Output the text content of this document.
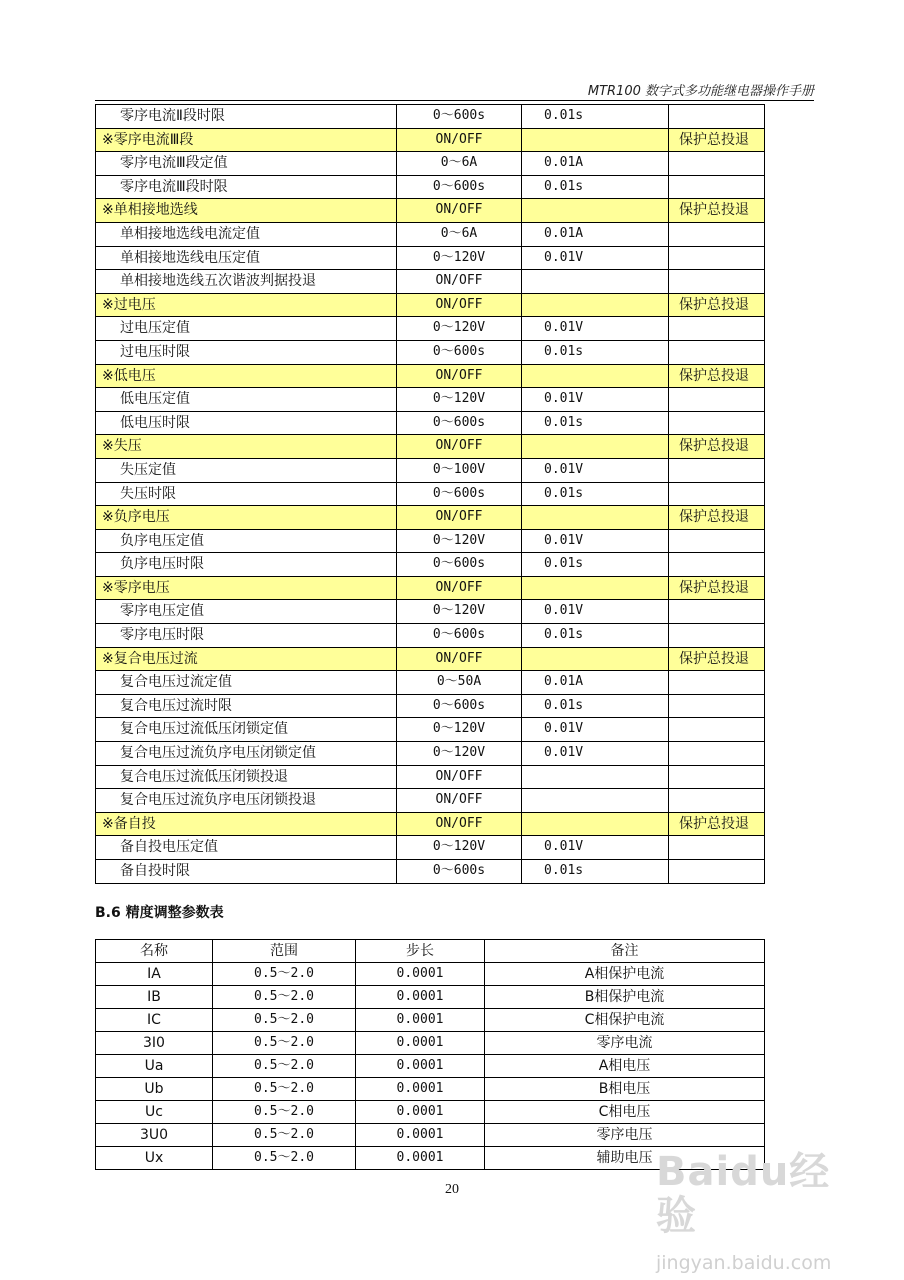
MTR100 数字式多功能继电器操作手册
零序电流Ⅱ段时限	0～600s	0.01s	
※零序电流Ⅲ段	ON/OFF		保护总投退
零序电流Ⅲ段定值	0～6A	0.01A	
零序电流Ⅲ段时限	0～600s	0.01s	
※单相接地选线	ON/OFF		保护总投退
单相接地选线电流定值	0～6A	0.01A	
单相接地选线电压定值	0～120V	0.01V	
单相接地选线五次谐波判据投退	ON/OFF		
※过电压	ON/OFF		保护总投退
过电压定值	0～120V	0.01V	
过电压时限	0～600s	0.01s	
※低电压	ON/OFF		保护总投退
低电压定值	0～120V	0.01V	
低电压时限	0～600s	0.01s	
※失压	ON/OFF		保护总投退
失压定值	0～100V	0.01V	
失压时限	0～600s	0.01s	
※负序电压	ON/OFF		保护总投退
负序电压定值	0～120V	0.01V	
负序电压时限	0～600s	0.01s	
※零序电压	ON/OFF		保护总投退
零序电压定值	0～120V	0.01V	
零序电压时限	0～600s	0.01s	
※复合电压过流	ON/OFF		保护总投退
复合电压过流定值	0～50A	0.01A	
复合电压过流时限	0～600s	0.01s	
复合电压过流低压闭锁定值	0～120V	0.01V	
复合电压过流负序电压闭锁定值	0～120V	0.01V	
复合电压过流低压闭锁投退	ON/OFF		
复合电压过流负序电压闭锁投退	ON/OFF		
※备自投	ON/OFF		保护总投退
备自投电压定值	0～120V	0.01V	
备自投时限	0～600s	0.01s	
B.6 精度调整参数表
名称	范围	步长	备注
IA	0.5～2.0	0.0001	A相保护电流
IB	0.5～2.0	0.0001	B相保护电流
IC	0.5～2.0	0.0001	C相保护电流
3I0	0.5～2.0	0.0001	零序电流
Ua	0.5～2.0	0.0001	A相电压
Ub	0.5～2.0	0.0001	B相电压
Uc	0.5～2.0	0.0001	C相电压
3U0	0.5～2.0	0.0001	零序电压
Ux	0.5～2.0	0.0001	辅助电压
20	Baidu经验
jingyan.baidu.com
